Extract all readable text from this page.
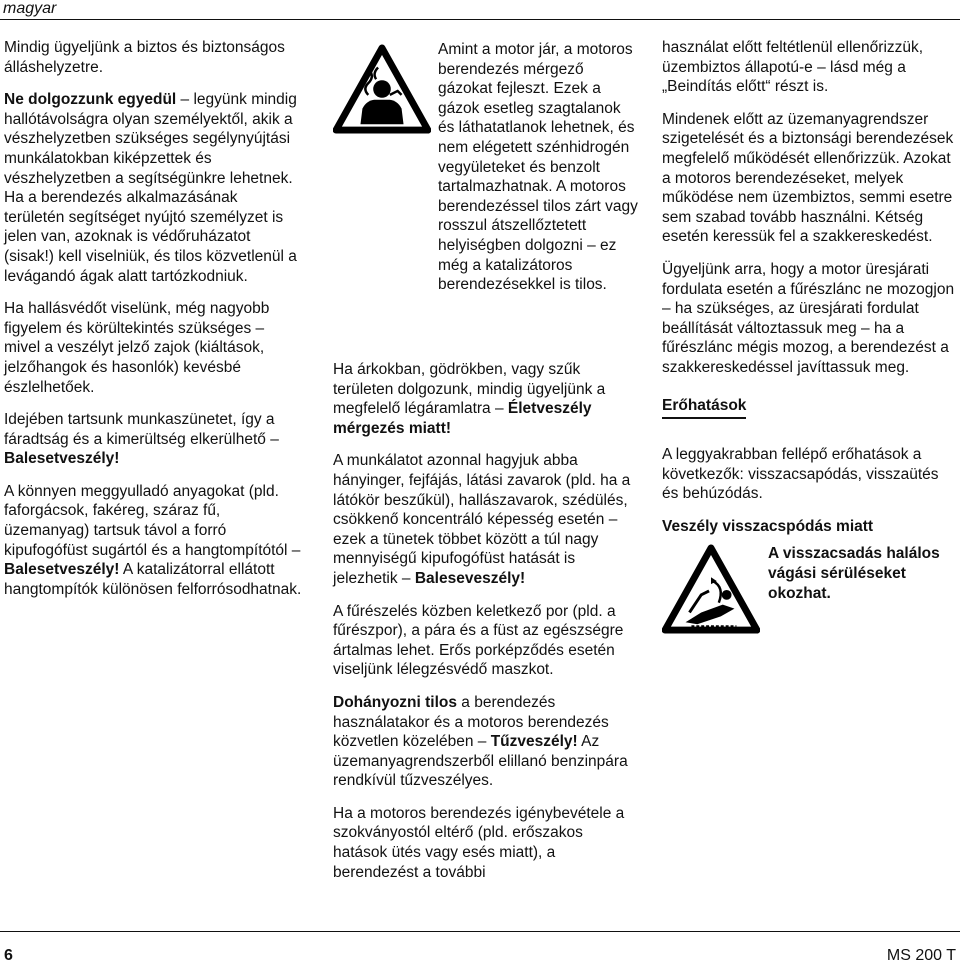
magyar

Mindig ügyeljünk a biztos és biztonságos álláshelyzetre.

Ne dolgozzunk egyedül – legyünk mindig hallótávolságra olyan személyektől, akik a vészhelyzetben szükséges segélynyújtási munkálatokban kiképzettek és vészhelyzetben a segítségünkre lehetnek. Ha a berendezés alkalmazásának területén segítséget nyújtó személyzet is jelen van, azoknak is védőruházatot (sisak!) kell viselniük, és tilos közvetlenül a levágandó ágak alatt tartózkodniuk.

Ha hallásvédőt viselünk, még nagyobb figyelem és körültekintés szükséges – mivel a veszélyt jelző zajok (kiáltások, jelzőhangok és hasonlók) kevésbé észlelhetőek.

Idejében tartsunk munkaszünetet, így a fáradtság és a kimerültség elkerülhető – Balesetveszély!

A könnyen meggyulladó anyagokat (pld. faforgácsok, fakéreg, száraz fű, üzemanyag) tartsuk távol a forró kipufogófüst sugártól és a hangtompítótól – Balesetveszély! A katalizátorral ellátott hangtompítók különösen felforrósodhatnak.

Amint a motor jár, a motoros berendezés mérgező gázokat fejleszt. Ezek a gázok esetleg szagtalanok és láthatatlanok lehetnek, és nem elégetett szénhidrogén vegyületeket és benzolt tartalmazhatnak. A motoros berendezéssel tilos zárt vagy rosszul átszellőztetett helyiségben dolgozni – ez még a katalizátoros berendezésekkel is tilos.

Ha árkokban, gödrökben, vagy szűk területen dolgozunk, mindig ügyeljünk a megfelelő légáramlatra – Életveszély mérgezés miatt!

A munkálatot azonnal hagyjuk abba hányinger, fejfájás, látási zavarok (pld. ha a látókör beszűkül), hallászavarok, szédülés, csökkenő koncentráló képesség esetén – ezek a tünetek többet között a túl nagy mennyiségű kipufogófüst hatását is jelezhetik – Baleseveszély!

A fűrészelés közben keletkező por (pld. a fűrészpor), a pára és a füst az egészségre ártalmas lehet. Erős porképződés esetén viseljünk lélegzésvédő maszkot.

Dohányozni tilos a berendezés használatakor és a motoros berendezés közvetlen közelében – Tűzveszély! Az üzemanyagrendszerből elillanó benzinpára rendkívül tűzveszélyes.

Ha a motoros berendezés igénybevétele a szokványostól eltérő (pld. erőszakos hatások ütés vagy esés miatt), a berendezést a további

használat előtt feltétlenül ellenőrizzük, üzembiztos állapotú-e – lásd még a „Beindítás előtt“ részt is.

Mindenek előtt az üzemanyagrendszer szigetelését és a biztonsági berendezések megfelelő működését ellenőrizzük. Azokat a motoros berendezéseket, melyek működése nem üzembiztos, semmi esetre sem szabad tovább használni. Kétség esetén keressük fel a szakkereskedést.

Ügyeljünk arra, hogy a motor üresjárati fordulata esetén a fűrészlánc ne mozogjon – ha szükséges, az üresjárati fordulat beállítását változtassuk meg – ha a fűrészlánc mégis mozog, a berendezést a szakkereskedéssel javíttassuk meg.

Erőhatások

A leggyakrabban fellépő erőhatások a következők: visszacsapódás, visszaütés és behúzódás.

Veszély visszacspódás miatt

A visszacsadás halálos vágási sérüléseket okozhat.
6	MS 200 T
